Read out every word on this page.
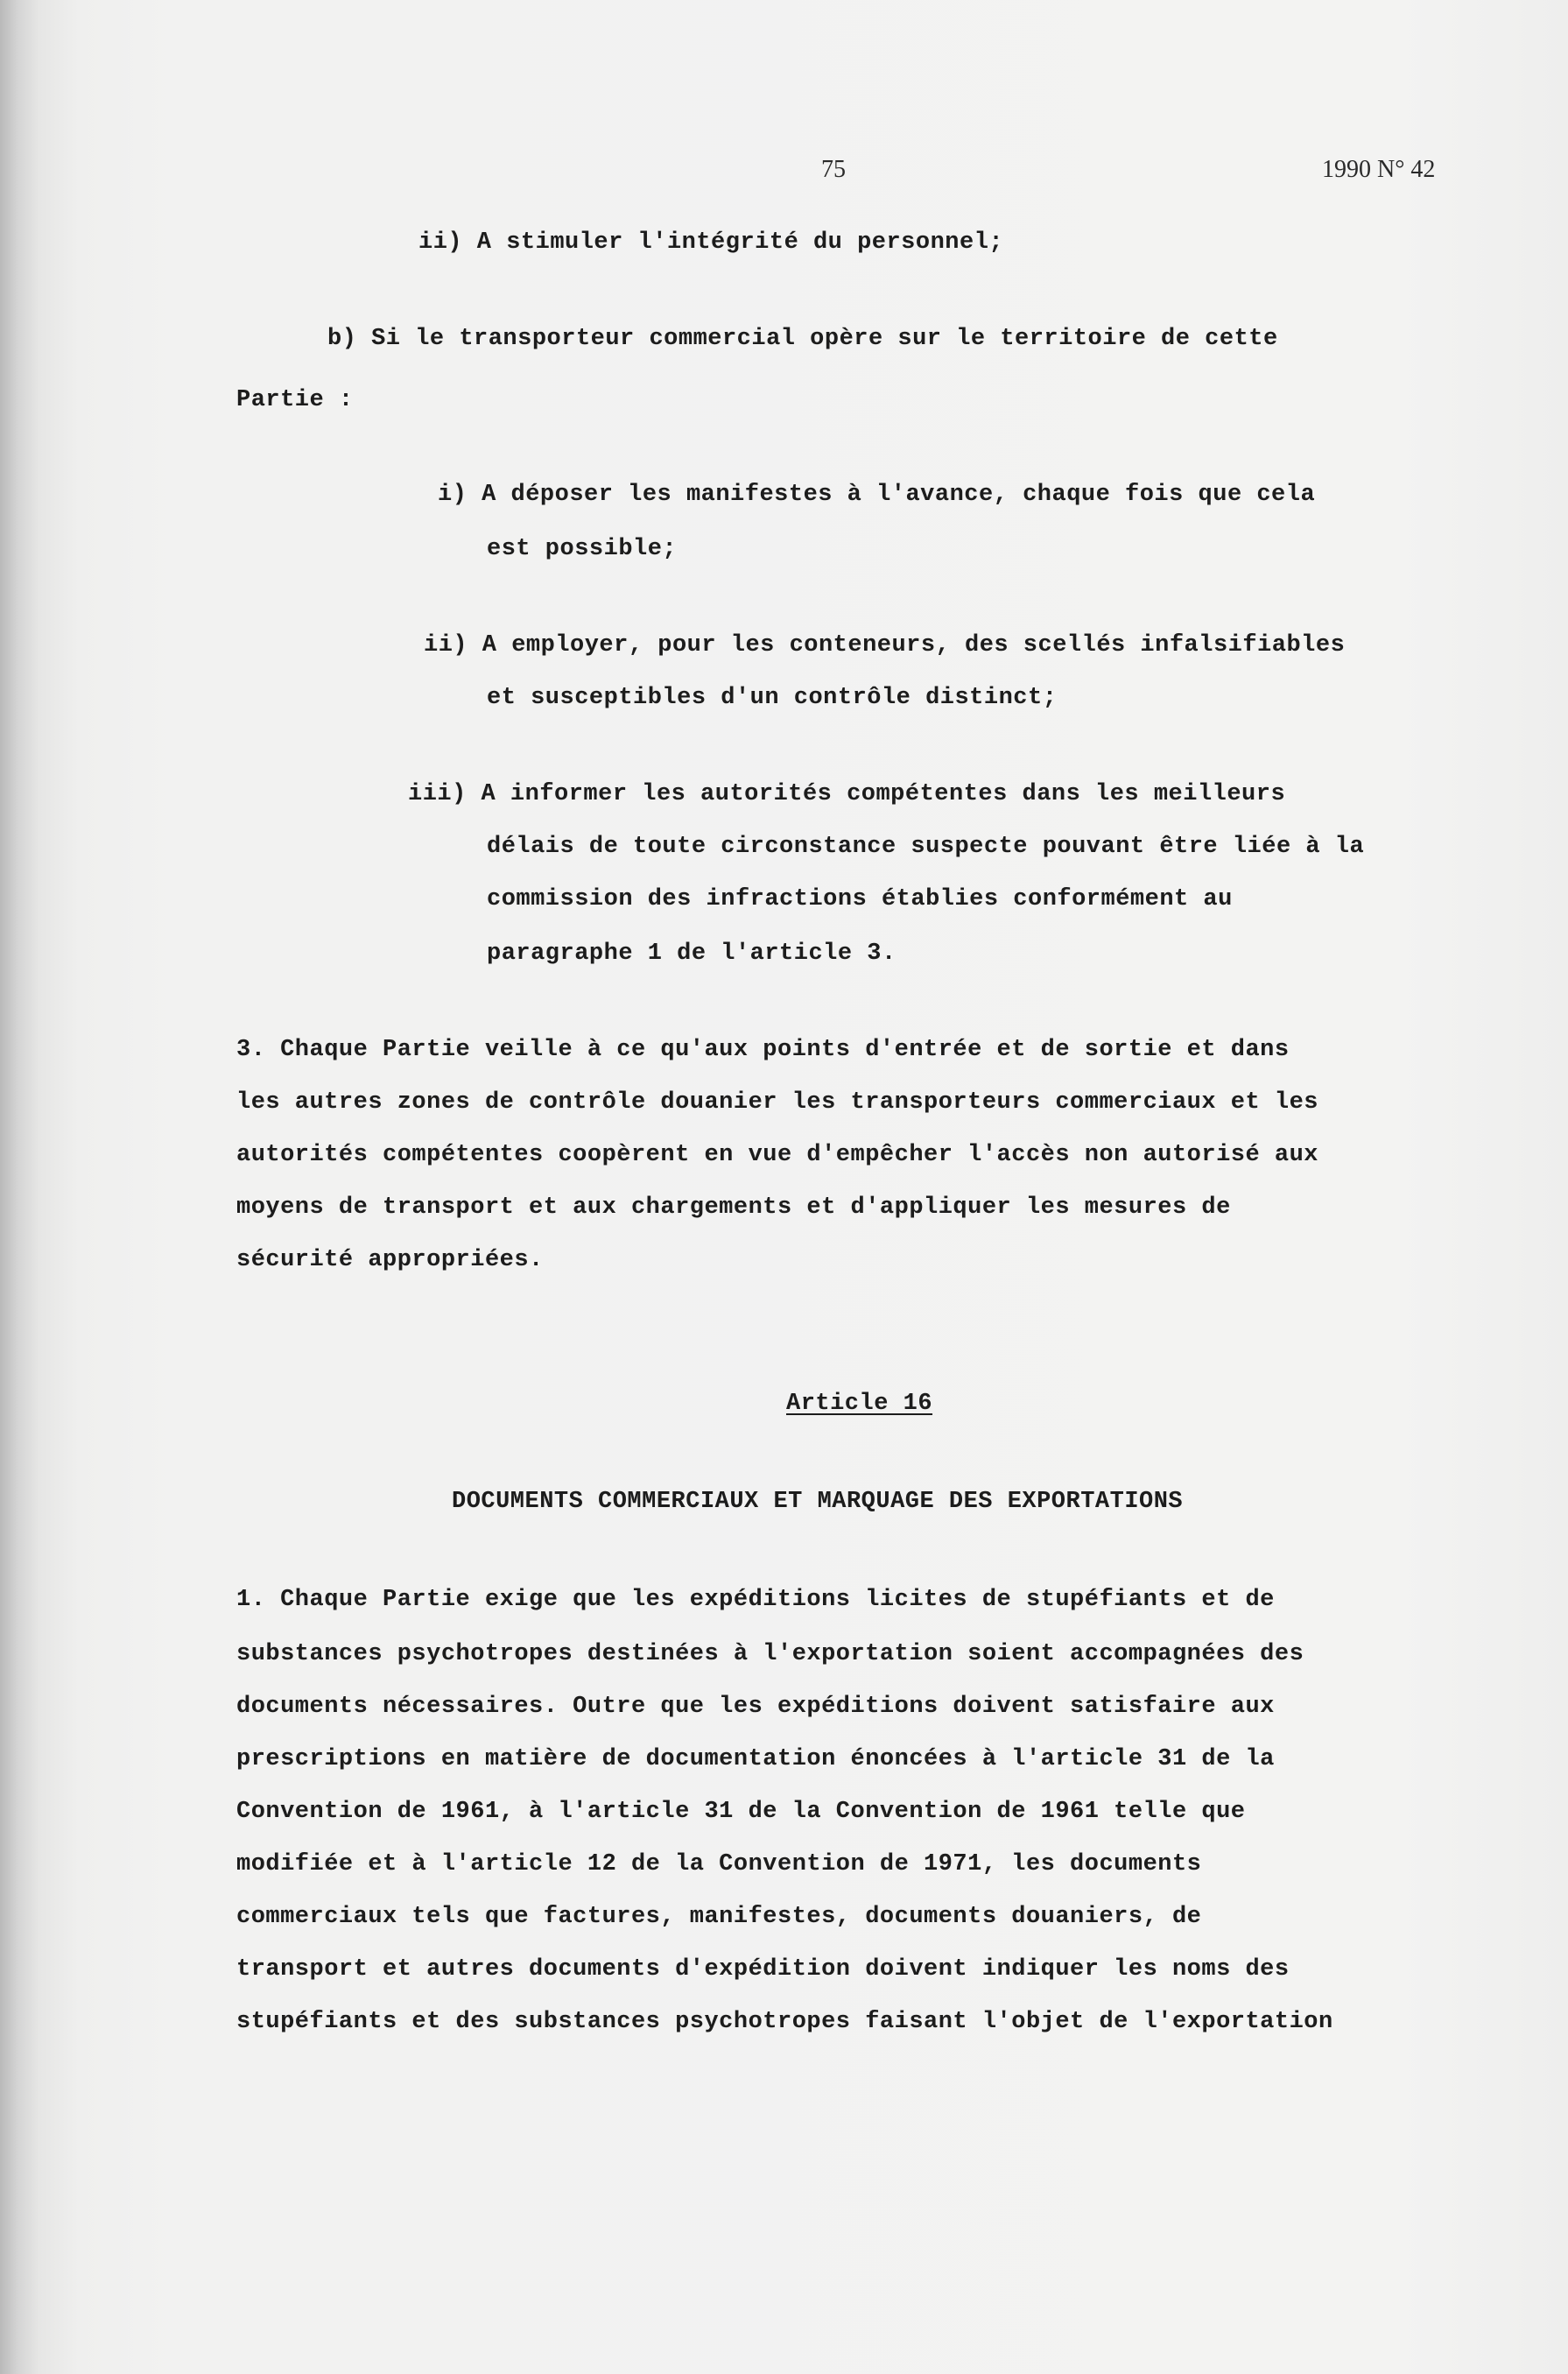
75	1990 N° 42

ii) A stimuler l'intégrité du personnel;

b) Si le transporteur commercial opère sur le territoire de cette

Partie :

i) A déposer les manifestes à l'avance, chaque fois que cela

est possible;

ii) A employer, pour les conteneurs, des scellés infalsifiables

et susceptibles d'un contrôle distinct;

iii) A informer les autorités compétentes dans les meilleurs

délais de toute circonstance suspecte pouvant être liée à la

commission des infractions établies conformément au

paragraphe 1 de l'article 3.

3. Chaque Partie veille à ce qu'aux points d'entrée et de sortie et dans

les autres zones de contrôle douanier les transporteurs commerciaux et les

autorités compétentes coopèrent en vue d'empêcher l'accès non autorisé aux

moyens de transport et aux chargements et d'appliquer les mesures de

sécurité appropriées.

Article 16

DOCUMENTS COMMERCIAUX ET MARQUAGE DES EXPORTATIONS

1. Chaque Partie exige que les expéditions licites de stupéfiants et de

substances psychotropes destinées à l'exportation soient accompagnées des

documents nécessaires. Outre que les expéditions doivent satisfaire aux

prescriptions en matière de documentation énoncées à l'article 31 de la

Convention de 1961, à l'article 31 de la Convention de 1961 telle que

modifiée et à l'article 12 de la Convention de 1971, les documents

commerciaux tels que factures, manifestes, documents douaniers, de

transport et autres documents d'expédition doivent indiquer les noms des

stupéfiants et des substances psychotropes faisant l'objet de l'exportation
